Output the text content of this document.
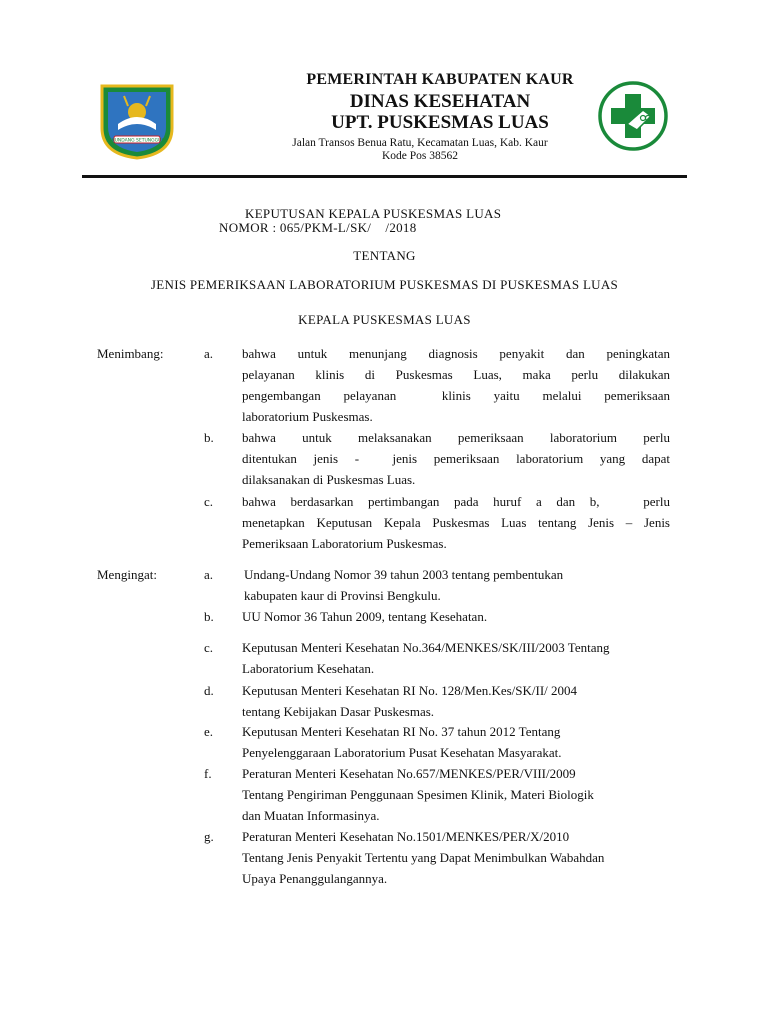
SEKUNDANG SETUNGGUAN
PEMERINTAH KABUPATEN KAUR
DINAS KESEHATAN
UPT. PUSKESMAS LUAS
Jalan Transos Benua Ratu, Kecamatan Luas, Kab. Kaur
Kode Pos 38562
KEPUTUSAN KEPALA PUSKESMAS LUAS
NOMOR : 065/PKM-L/SK/    /2018
TENTANG
JENIS PEMERIKSAAN LABORATORIUM PUSKESMAS DI PUSKESMAS LUAS
KEPALA PUSKESMAS LUAS
Menimbang:	a. bahwa untuk menunjang diagnosis penyakit dan peningkatan
pelayanan klinis di Puskesmas Luas, maka perlu dilakukan
pengembangan pelayanan  klinis yaitu melalui pemeriksaan
laboratorium Puskesmas.
b. bahwa untuk melaksanakan pemeriksaan laboratorium perlu
ditentukan jenis -  jenis pemeriksaan laboratorium yang dapat
dilaksanakan di Puskesmas Luas.
c. bahwa berdasarkan pertimbangan pada huruf a dan b,   perlu
menetapkan Keputusan Kepala Puskesmas Luas tentang Jenis – Jenis
Pemeriksaan Laboratorium Puskesmas.
Mengingat:	a. Undang-Undang Nomor 39 tahun 2003 tentang pembentukan
kabupaten kaur di Provinsi Bengkulu.
b. UU Nomor 36 Tahun 2009, tentang Kesehatan.
c. Keputusan Menteri Kesehatan No.364/MENKES/SK/III/2003 Tentang
Laboratorium Kesehatan.
d. Keputusan Menteri Kesehatan RI No. 128/Men.Kes/SK/II/ 2004
tentang Kebijakan Dasar Puskesmas.
e. Keputusan Menteri Kesehatan RI No. 37 tahun 2012 Tentang
Penyelenggaraan Laboratorium Pusat Kesehatan Masyarakat.
f. Peraturan Menteri Kesehatan No.657/MENKES/PER/VIII/2009
Tentang Pengiriman Penggunaan Spesimen Klinik, Materi Biologik
dan Muatan Informasinya.
g. Peraturan Menteri Kesehatan No.1501/MENKES/PER/X/2010
Tentang Jenis Penyakit Tertentu yang Dapat Menimbulkan Wabahdan
Upaya Penanggulangannya.
